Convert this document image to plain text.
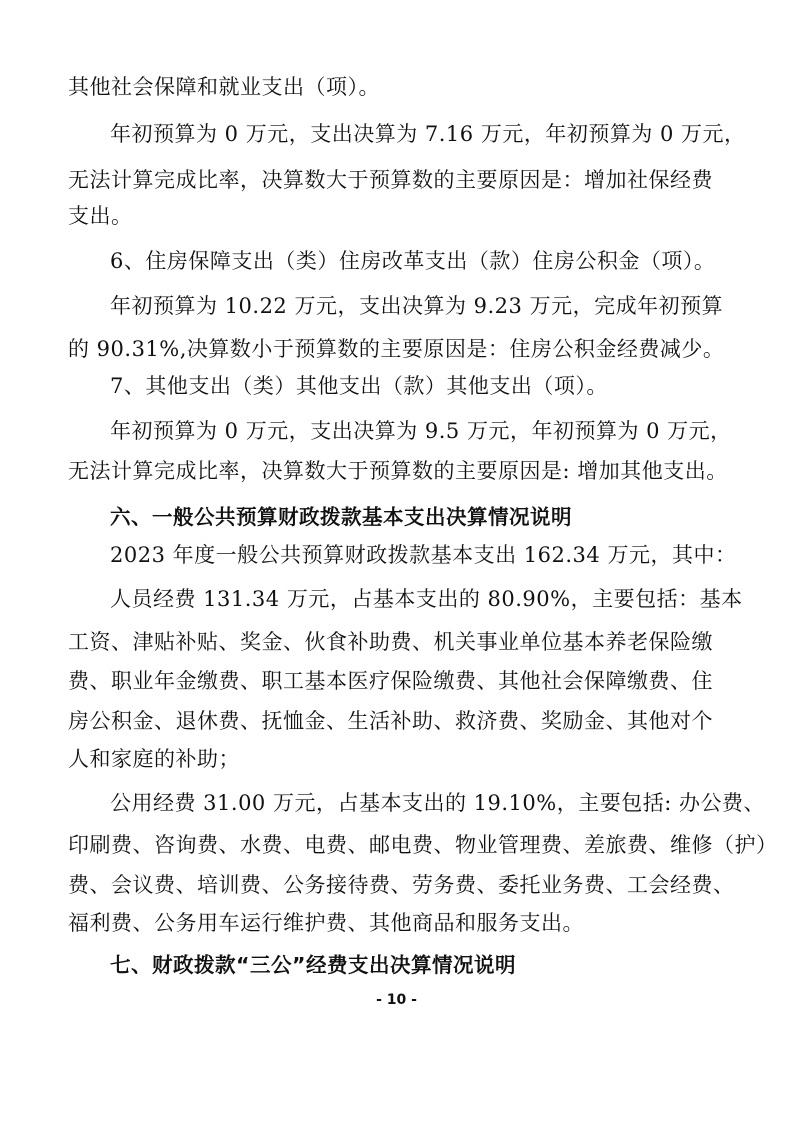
其他社会保障和就业支出（项）。
年初预算为 0 万元，支出决算为 7.16 万元，年初预算为 0 万元，
无法计算完成比率，决算数大于预算数的主要原因是：增加社保经费
支出。
6、住房保障支出（类）住房改革支出（款）住房公积金（项）。
年初预算为 10.22 万元，支出决算为 9.23 万元，完成年初预算
的 90.31%,决算数小于预算数的主要原因是：住房公积金经费减少。
7、其他支出（类）其他支出（款）其他支出（项）。
年初预算为 0 万元，支出决算为 9.5 万元，年初预算为 0 万元，
无法计算完成比率，决算数大于预算数的主要原因是: 增加其他支出。
六、一般公共预算财政拨款基本支出决算情况说明
2023 年度一般公共预算财政拨款基本支出 162.34 万元，其中：
人员经费 131.34 万元，占基本支出的 80.90%，主要包括：基本
工资、津贴补贴、奖金、伙食补助费、机关事业单位基本养老保险缴
费、职业年金缴费、职工基本医疗保险缴费、其他社会保障缴费、住
房公积金、退休费、抚恤金、生活补助、救济费、奖励金、其他对个
人和家庭的补助；
公用经费 31.00 万元，占基本支出的 19.10%，主要包括: 办公费、
印刷费、咨询费、水费、电费、邮电费、物业管理费、差旅费、维修（护）
费、会议费、培训费、公务接待费、劳务费、委托业务费、工会经费、
福利费、公务用车运行维护费、其他商品和服务支出。
七、财政拨款“三公”经费支出决算情况说明
- 10 -
